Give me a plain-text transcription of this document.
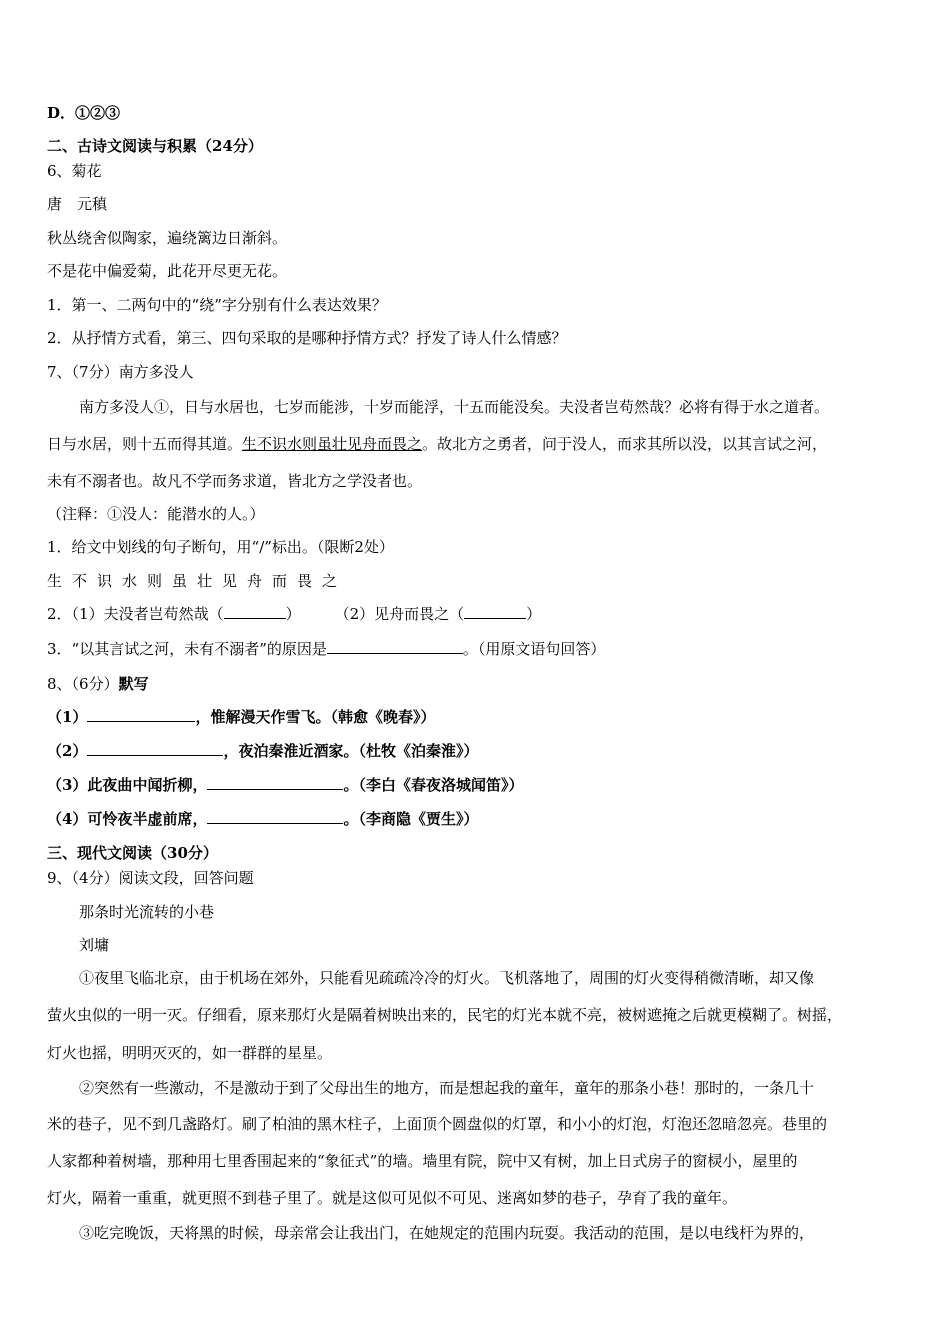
D．①②③
二、古诗文阅读与积累（24分）
6、菊花
唐　元稹
秋丛绕舍似陶家，遍绕篱边日渐斜。
不是花中偏爱菊，此花开尽更无花。
1．第一、二两句中的“绕”字分别有什么表达效果？
2．从抒情方式看，第三、四句采取的是哪种抒情方式？抒发了诗人什么情感？
7、（7分）南方多没人
南方多没人①，日与水居也，七岁而能涉，十岁而能浮，十五而能没矣。夫没者岂苟然哉？必将有得于水之道者。
日与水居，则十五而得其道。生不识水则虽壮见舟而畏之。故北方之勇者，问于没人，而求其所以没，以其言试之河，
未有不溺者也。故凡不学而务求道，皆北方之学没者也。
（注释：①没人：能潜水的人。）
1．给文中划线的句子断句，用“/”标出。（限断2处）
生不识水则虽壮见舟而畏之
2．（1）夫没者岂苟然哉（	） （2）见舟而畏之（	）
3．“以其言试之河，未有不溺者”的原因是	。（用原文语句回答）
8、（6分）默写
（1）	，惟解漫天作雪飞。（韩愈《晚春》）
（2）	，夜泊秦淮近酒家。（杜牧《泊秦淮》）
（3）此夜曲中闻折柳，	。（李白《春夜洛城闻笛》）
（4）可怜夜半虚前席，	。（李商隐《贾生》）
三、现代文阅读（30分）
9、（4分）阅读文段，回答问题
那条时光流转的小巷
刘墉
①夜里飞临北京，由于机场在郊外，只能看见疏疏冷冷的灯火。飞机落地了，周围的灯火变得稍微清晰，却又像
萤火虫似的一明一灭。仔细看，原来那灯火是隔着树映出来的，民宅的灯光本就不亮，被树遮掩之后就更模糊了。树摇，
灯火也摇，明明灭灭的，如一群群的星星。
②突然有一些激动，不是激动于到了父母出生的地方，而是想起我的童年，童年的那条小巷！那时的，一条几十
米的巷子，见不到几盏路灯。刷了柏油的黑木柱子，上面顶个圆盘似的灯罩，和小小的灯泡，灯泡还忽暗忽亮。巷里的
人家都种着树墙，那种用七里香围起来的“象征式”的墙。墙里有院，院中又有树，加上日式房子的窗棂小，屋里的
灯火，隔着一重重，就更照不到巷子里了。就是这似可见似不可见、迷离如梦的巷子，孕育了我的童年。
③吃完晚饭，天将黑的时候，母亲常会让我出门，在她规定的范围内玩耍。我活动的范围，是以电线杆为界的，
